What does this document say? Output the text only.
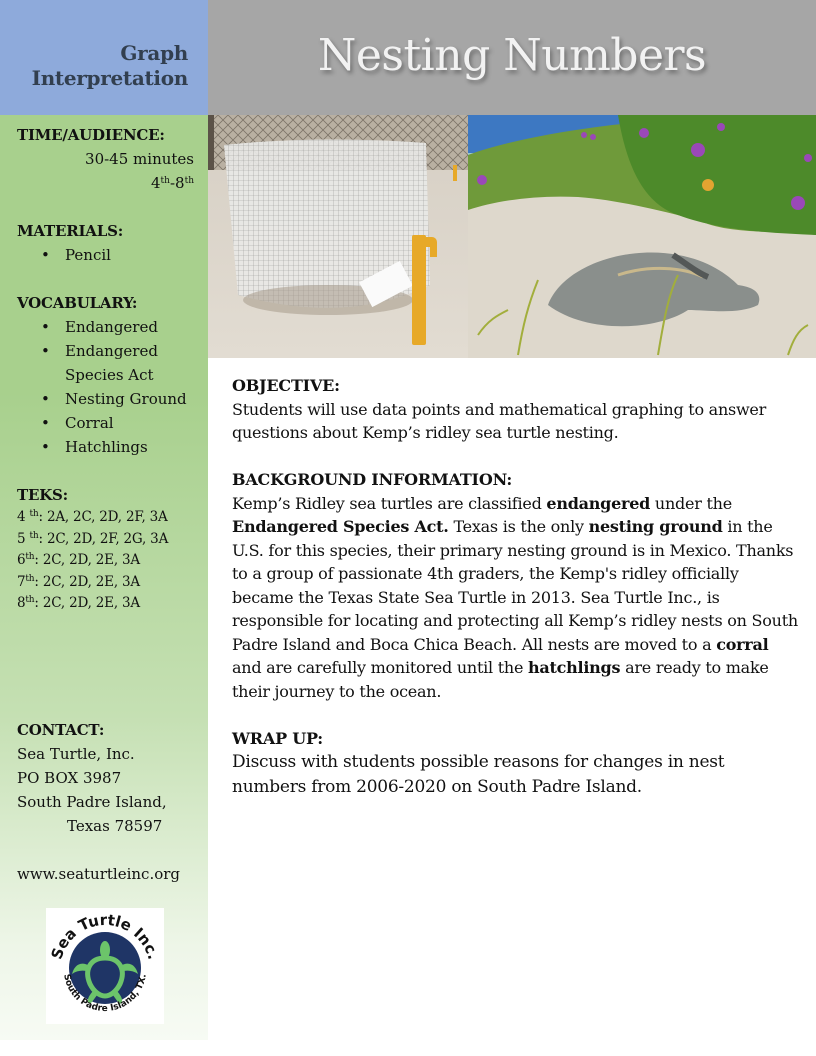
Graph
Interpretation	Nesting Numbers
TIME/AUDIENCE:
30-45 minutes
4th-8th
MATERIALS:
• Pencil
VOCABULARY:
• Endangered
• Endangered Species Act
• Nesting Ground
• Corral
• Hatchlings
TEKS:
4 $^{th}$: 2A, 2C, 2D, 2F, 3A
5 $^{th}$: 2C, 2D, 2F, 2G, 3A
6th: 2C, 2D, 2E, 3A
7th: 2C, 2D, 2E, 3A
8th: 2C, 2D, 2E, 3A
CONTACT:
Sea Turtle, Inc.
PO BOX 3987
South Padre Island,
Texas 78597
www.seaturtleinc.org
Sea Turtle Inc.
South Padre Island, TX.
OBJECTIVE:

Students will use data points and mathematical graphing to answer questions about Kemp’s ridley sea turtle nesting.

BACKGROUND INFORMATION:

Kemp’s Ridley sea turtles are classified endangered under the Endangered Species Act. Texas is the only nesting ground in the U.S. for this species, their primary nesting ground is in Mexico. Thanks to a group of passionate 4th graders, the Kemp's ridley officially became the Texas State Sea Turtle in 2013. Sea Turtle Inc., is responsible for locating and protecting all Kemp’s ridley nests on South Padre Island and Boca Chica Beach. All nests are moved to a corral and are carefully monitored until the hatchlings are ready to make their journey to the ocean.

WRAP UP:

Discuss with students possible reasons for changes in nest numbers from 2006-2020 on South Padre Island.
